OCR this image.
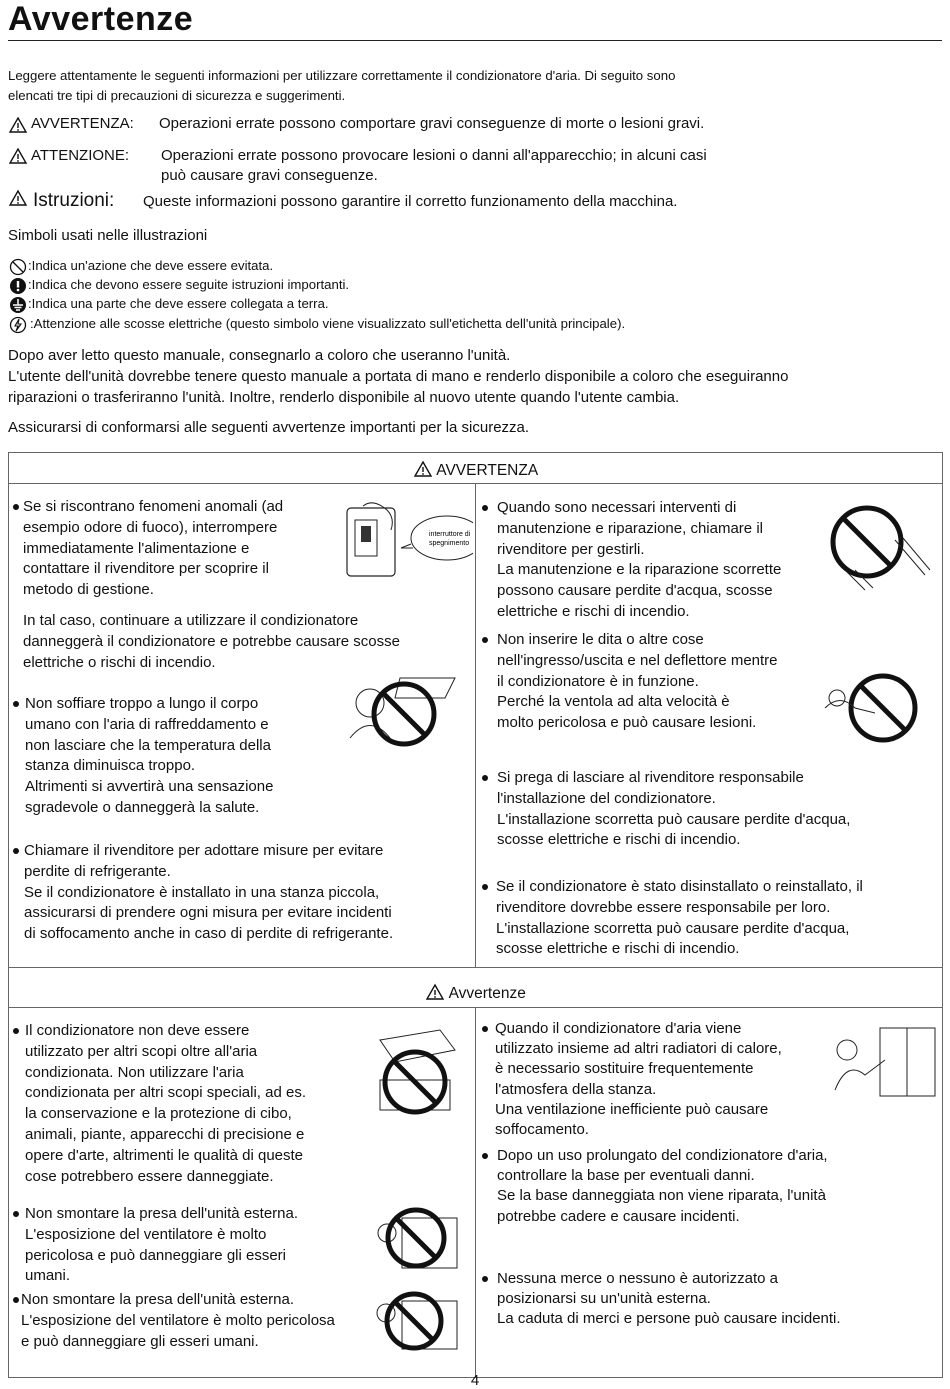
Avvertenze
Leggere attentamente le seguenti informazioni per utilizzare correttamente il condizionatore d'aria. Di seguito sono elencati tre tipi di precauzioni di sicurezza e suggerimenti.
AVVERTENZA: Operazioni errate possono comportare gravi conseguenze di morte o lesioni gravi.
ATTENZIONE: Operazioni errate possono provocare lesioni o danni all'apparecchio; in alcuni casi
può causare gravi conseguenze.
Istruzioni: Queste informazioni possono garantire il corretto funzionamento della macchina.
Simboli usati nelle illustrazioni
:Indica un'azione che deve essere evitata.
:Indica che devono essere seguite istruzioni importanti.
:Indica una parte che deve essere collegata a terra.
:Attenzione alle scosse elettriche (questo simbolo viene visualizzato sull'etichetta dell'unità principale).
Dopo aver letto questo manuale, consegnarlo a coloro che useranno l'unità.
L'utente dell'unità dovrebbe tenere questo manuale a portata di mano e renderlo disponibile a coloro che eseguiranno
riparazioni o trasferiranno l'unità. Inoltre, renderlo disponibile al nuovo utente quando l'utente cambia.
Assicurarsi di conformarsi alle seguenti avvertenze importanti per la sicurezza.
AVVERTENZA
Se si riscontrano fenomeni anomali (ad
esempio odore di fuoco), interrompere
immediatamente l'alimentazione e
contattare il rivenditore per scoprire il
metodo di gestione.
In tal caso, continuare a utilizzare il condizionatore
danneggerà il condizionatore e potrebbe causare scosse
elettriche o rischi di incendio.
Non soffiare troppo a lungo il corpo
umano con l'aria di raffreddamento e
non lasciare che la temperatura della
stanza diminuisca troppo.
Altrimenti si avvertirà una sensazione
sgradevole o danneggerà la salute.
Chiamare il rivenditore per adottare misure per evitare
perdite di refrigerante.
Se il condizionatore è installato in una stanza piccola,
assicurarsi di prendere ogni misura per evitare incidenti
di soffocamento anche in caso di perdite di refrigerante.
Quando sono necessari interventi di
manutenzione e riparazione, chiamare il
rivenditore per gestirli.
La manutenzione e la riparazione scorrette
possono causare perdite d'acqua, scosse
elettriche e rischi di incendio.
Non inserire le dita o altre cose
nell'ingresso/uscita e nel deflettore mentre
il condizionatore è in funzione.
Perché la ventola ad alta velocità è
molto pericolosa e può causare lesioni.
Si prega di lasciare al rivenditore responsabile
l'installazione del condizionatore.
L'installazione scorretta può causare perdite d'acqua,
scosse elettriche e rischi di incendio.
Se il condizionatore è stato disinstallato o reinstallato, il
rivenditore dovrebbe essere responsabile per loro.
L'installazione scorretta può causare perdite d'acqua,
scosse elettriche e rischi di incendio.
Avvertenze
Il condizionatore non deve essere
utilizzato per altri scopi oltre all'aria
condizionata. Non utilizzare l'aria
condizionata per altri scopi speciali, ad es.
la conservazione e la protezione di cibo,
animali, piante, apparecchi di precisione e
opere d'arte, altrimenti le qualità di queste
cose potrebbero essere danneggiate.
Non smontare la presa dell'unità esterna.
L'esposizione del ventilatore è molto
pericolosa e può danneggiare gli esseri
umani.
Non smontare la presa dell'unità esterna.
L'esposizione del ventilatore è molto pericolosa
e può danneggiare gli esseri umani.
Quando il condizionatore d'aria viene
utilizzato insieme ad altri radiatori di calore,
è necessario sostituire frequentemente
l'atmosfera della stanza.
Una ventilazione inefficiente può causare
soffocamento.
Dopo un uso prolungato del condizionatore d'aria,
controllare la base per eventuali danni.
Se la base danneggiata non viene riparata, l'unità
potrebbe cadere e causare incidenti.
Nessuna merce o nessuno è autorizzato a
posizionarsi su un'unità esterna.
La caduta di merci e persone può causare incidenti.
interruttore di
spegnimento
4
